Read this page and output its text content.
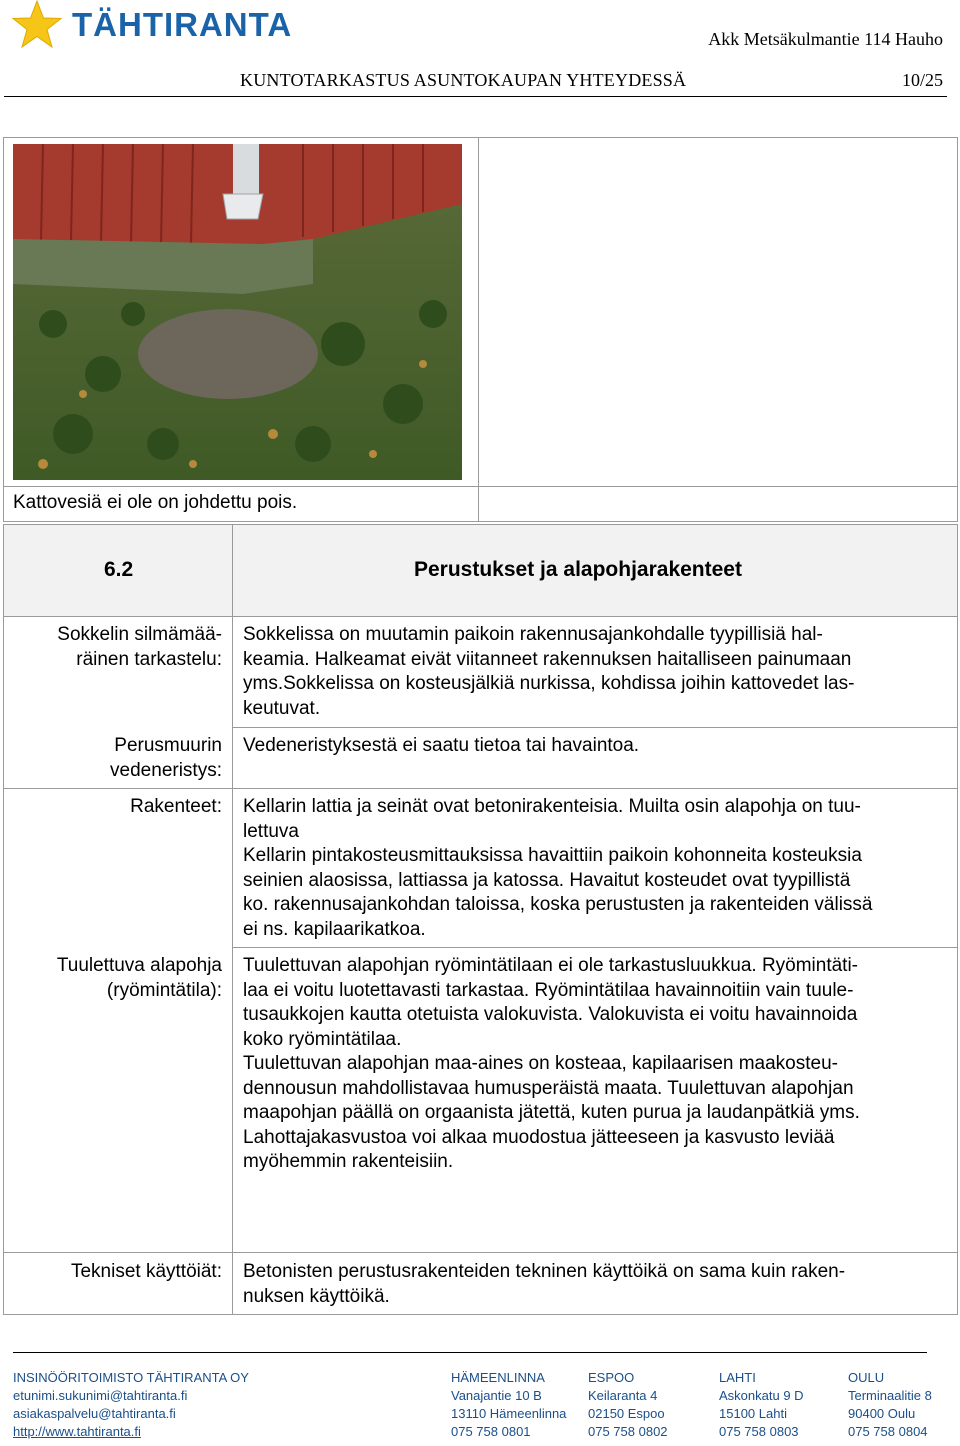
TÄHTIRANTA	Akk Metsäkulmantie 114 Hauho
KUNTOTARKASTUS ASUNTOKAUPAN YHTEYDESSÄ	10/25
Kattovesiä ei ole on johdettu pois.
6.2	Perustukset ja alapohjarakenteet
Sokkelin silmämää-
räinen tarkastelu:
Sokkelissa on muutamin paikoin rakennusajankohdalle tyypillisiä hal-
keamia. Halkeamat eivät viitanneet rakennuksen haitalliseen painumaan
yms.Sokkelissa on kosteusjälkiä nurkissa, kohdissa joihin kattovedet las-
keutuvat.
Perusmuurin
vedeneristys:
Vedeneristyksestä ei saatu tietoa tai havaintoa.
Rakenteet: Kellarin lattia ja seinät ovat betonirakenteisia. Muilta osin alapohja on tuu-
lettuva
Kellarin pintakosteusmittauksissa havaittiin paikoin kohonneita kosteuksia
seinien alaosissa, lattiassa ja katossa. Havaitut kosteudet ovat tyypillistä
ko. rakennusajankohdan taloissa, koska perustusten ja rakenteiden välissä
ei ns. kapilaarikatkoa.
Tuulettuva alapohja
(ryömintätila):
Tuulettuvan alapohjan ryömintätilaan ei ole tarkastusluukkua. Ryömintäti-
laa ei voitu luotettavasti tarkastaa. Ryömintätilaa havainnoitiin vain tuule-
tusaukkojen kautta otetuista valokuvista. Valokuvista ei voitu havainnoida
koko ryömintätilaa.
Tuulettuvan alapohjan maa-aines on kosteaa, kapilaarisen maakosteu-
dennousun mahdollistavaa humusperäistä maata. Tuulettuvan alapohjan
maapohjan päällä on orgaanista jätettä, kuten purua ja laudanpätkiä yms.
Lahottajakasvustoa voi alkaa muodostua jätteeseen ja kasvusto leviää
myöhemmin rakenteisiin.
Tekniset käyttöiät: Betonisten perustusrakenteiden tekninen käyttöikä on sama kuin raken-
nuksen käyttöikä.
INSINÖÖRITOIMISTO TÄHTIRANTA OY
etunimi.sukunimi@tahtiranta.fi
asiakaspalvelu@tahtiranta.fi
http://www.tahtiranta.fi
HÄMEENLINNA
Vanajantie 10 B
13110 Hämeenlinna
075 758 0801
ESPOO
Keilaranta 4
02150 Espoo
075 758 0802
LAHTI
Askonkatu 9 D
15100 Lahti
075 758 0803
OULU
Terminaalitie 8
90400 Oulu
075 758 0804
